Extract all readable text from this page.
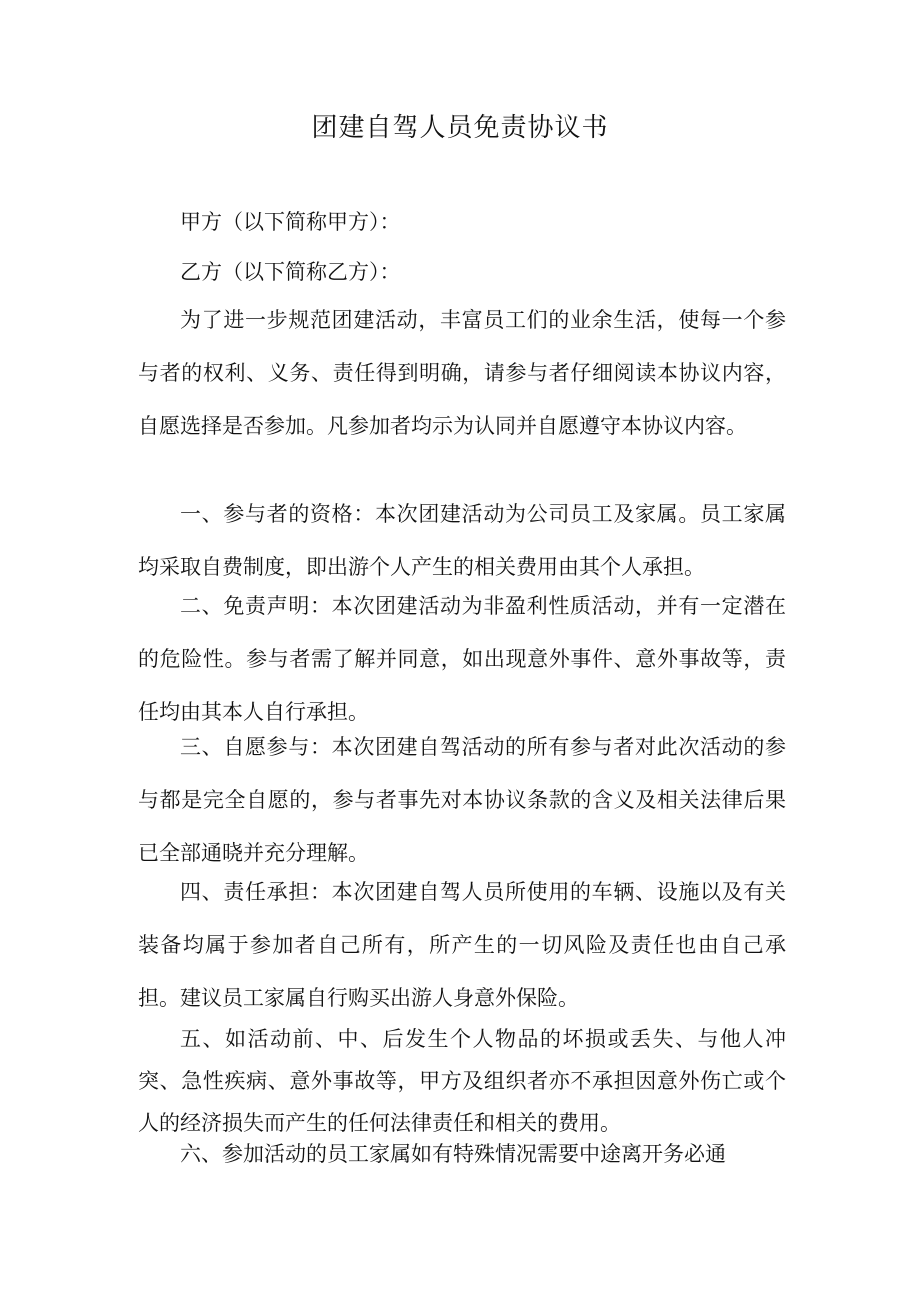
团建自驾人员免责协议书

甲方（以下简称甲方）：

乙方（以下简称乙方）：

为了进一步规范团建活动，丰富员工们的业余生活，使每一个参与者的权利、义务、责任得到明确，请参与者仔细阅读本协议内容，自愿选择是否参加。凡参加者均示为认同并自愿遵守本协议内容。

一、参与者的资格：本次团建活动为公司员工及家属。员工家属均采取自费制度，即出游个人产生的相关费用由其个人承担。

二、免责声明：本次团建活动为非盈利性质活动，并有一定潜在的危险性。参与者需了解并同意，如出现意外事件、意外事故等，责任均由其本人自行承担。

三、自愿参与：本次团建自驾活动的所有参与者对此次活动的参与都是完全自愿的，参与者事先对本协议条款的含义及相关法律后果已全部通晓并充分理解。

四、责任承担：本次团建自驾人员所使用的车辆、设施以及有关装备均属于参加者自己所有，所产生的一切风险及责任也由自己承担。建议员工家属自行购买出游人身意外保险。

五、如活动前、中、后发生个人物品的坏损或丢失、与他人冲突、急性疾病、意外事故等，甲方及组织者亦不承担因意外伤亡或个人的经济损失而产生的任何法律责任和相关的费用。

六、参加活动的员工家属如有特殊情况需要中途离开务必通
